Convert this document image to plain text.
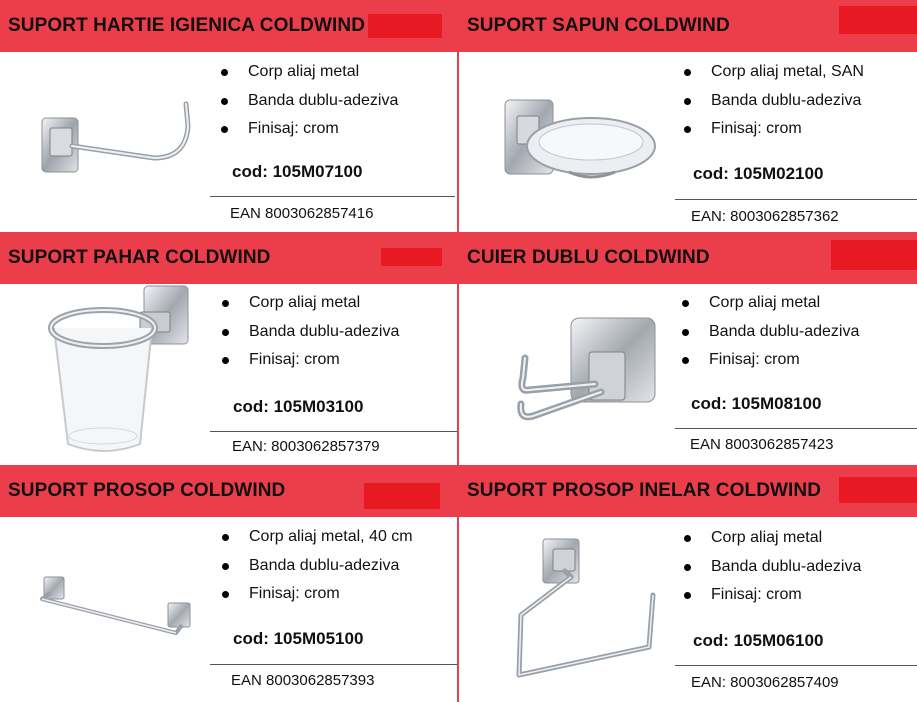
SUPORT HARTIE IGIENICA COLDWIND
Corp aliaj metal
Banda dublu-adeziva
Finisaj: crom
cod: 105M07100
EAN 8003062857416
SUPORT SAPUN COLDWIND
Corp aliaj metal, SAN
Banda dublu-adeziva
Finisaj: crom
cod: 105M02100
EAN: 8003062857362
SUPORT PAHAR COLDWIND
Corp aliaj metal
Banda dublu-adeziva
Finisaj: crom
cod: 105M03100
EAN: 8003062857379
CUIER DUBLU COLDWIND
Corp aliaj metal
Banda dublu-adeziva
Finisaj: crom
cod: 105M08100
EAN 8003062857423
SUPORT PROSOP COLDWIND
Corp aliaj metal, 40 cm
Banda dublu-adeziva
Finisaj: crom
cod: 105M05100
EAN 8003062857393
SUPORT PROSOP INELAR COLDWIND
Corp aliaj metal
Banda dublu-adeziva
Finisaj: crom
cod: 105M06100
EAN: 8003062857409
